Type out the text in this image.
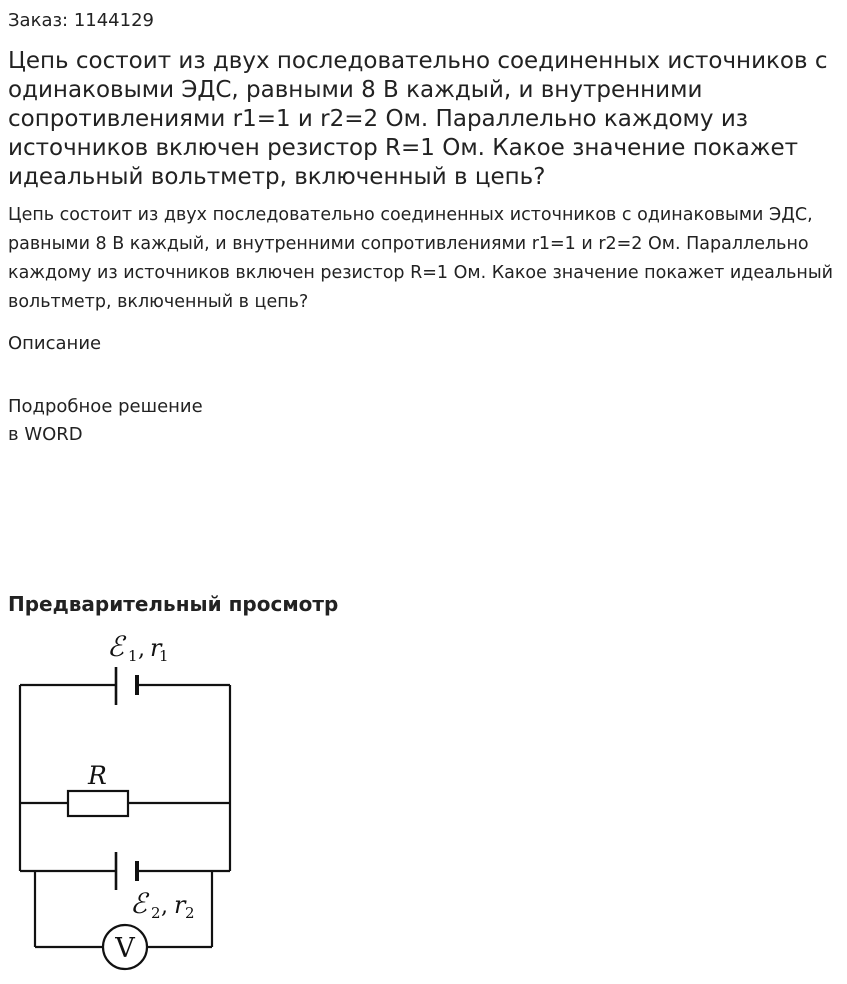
Заказ: 1144129
Цепь состоит из двух последовательно соединенных источников с одинаковыми ЭДС, равными 8 В каждый, и внутренними сопротивлениями r1=1 и r2=2 Ом. Параллельно каждому из источников включен резистор R=1 Ом. Какое значение покажет идеальный вольтметр, включенный в цепь?

Цепь состоит из двух последовательно соединенных источников с одинаковыми ЭДС, равными 8 В каждый, и внутренними сопротивлениями r1=1 и r2=2 Ом. Параллельно каждому из источников включен резистор R=1 Ом. Какое значение покажет идеальный вольтметр, включенный в цепь?

Описание
Подробное решение
в WORD
Предварительный просмотр
V
ℰ 1 , r
1
R
ℰ 2 , r 2
